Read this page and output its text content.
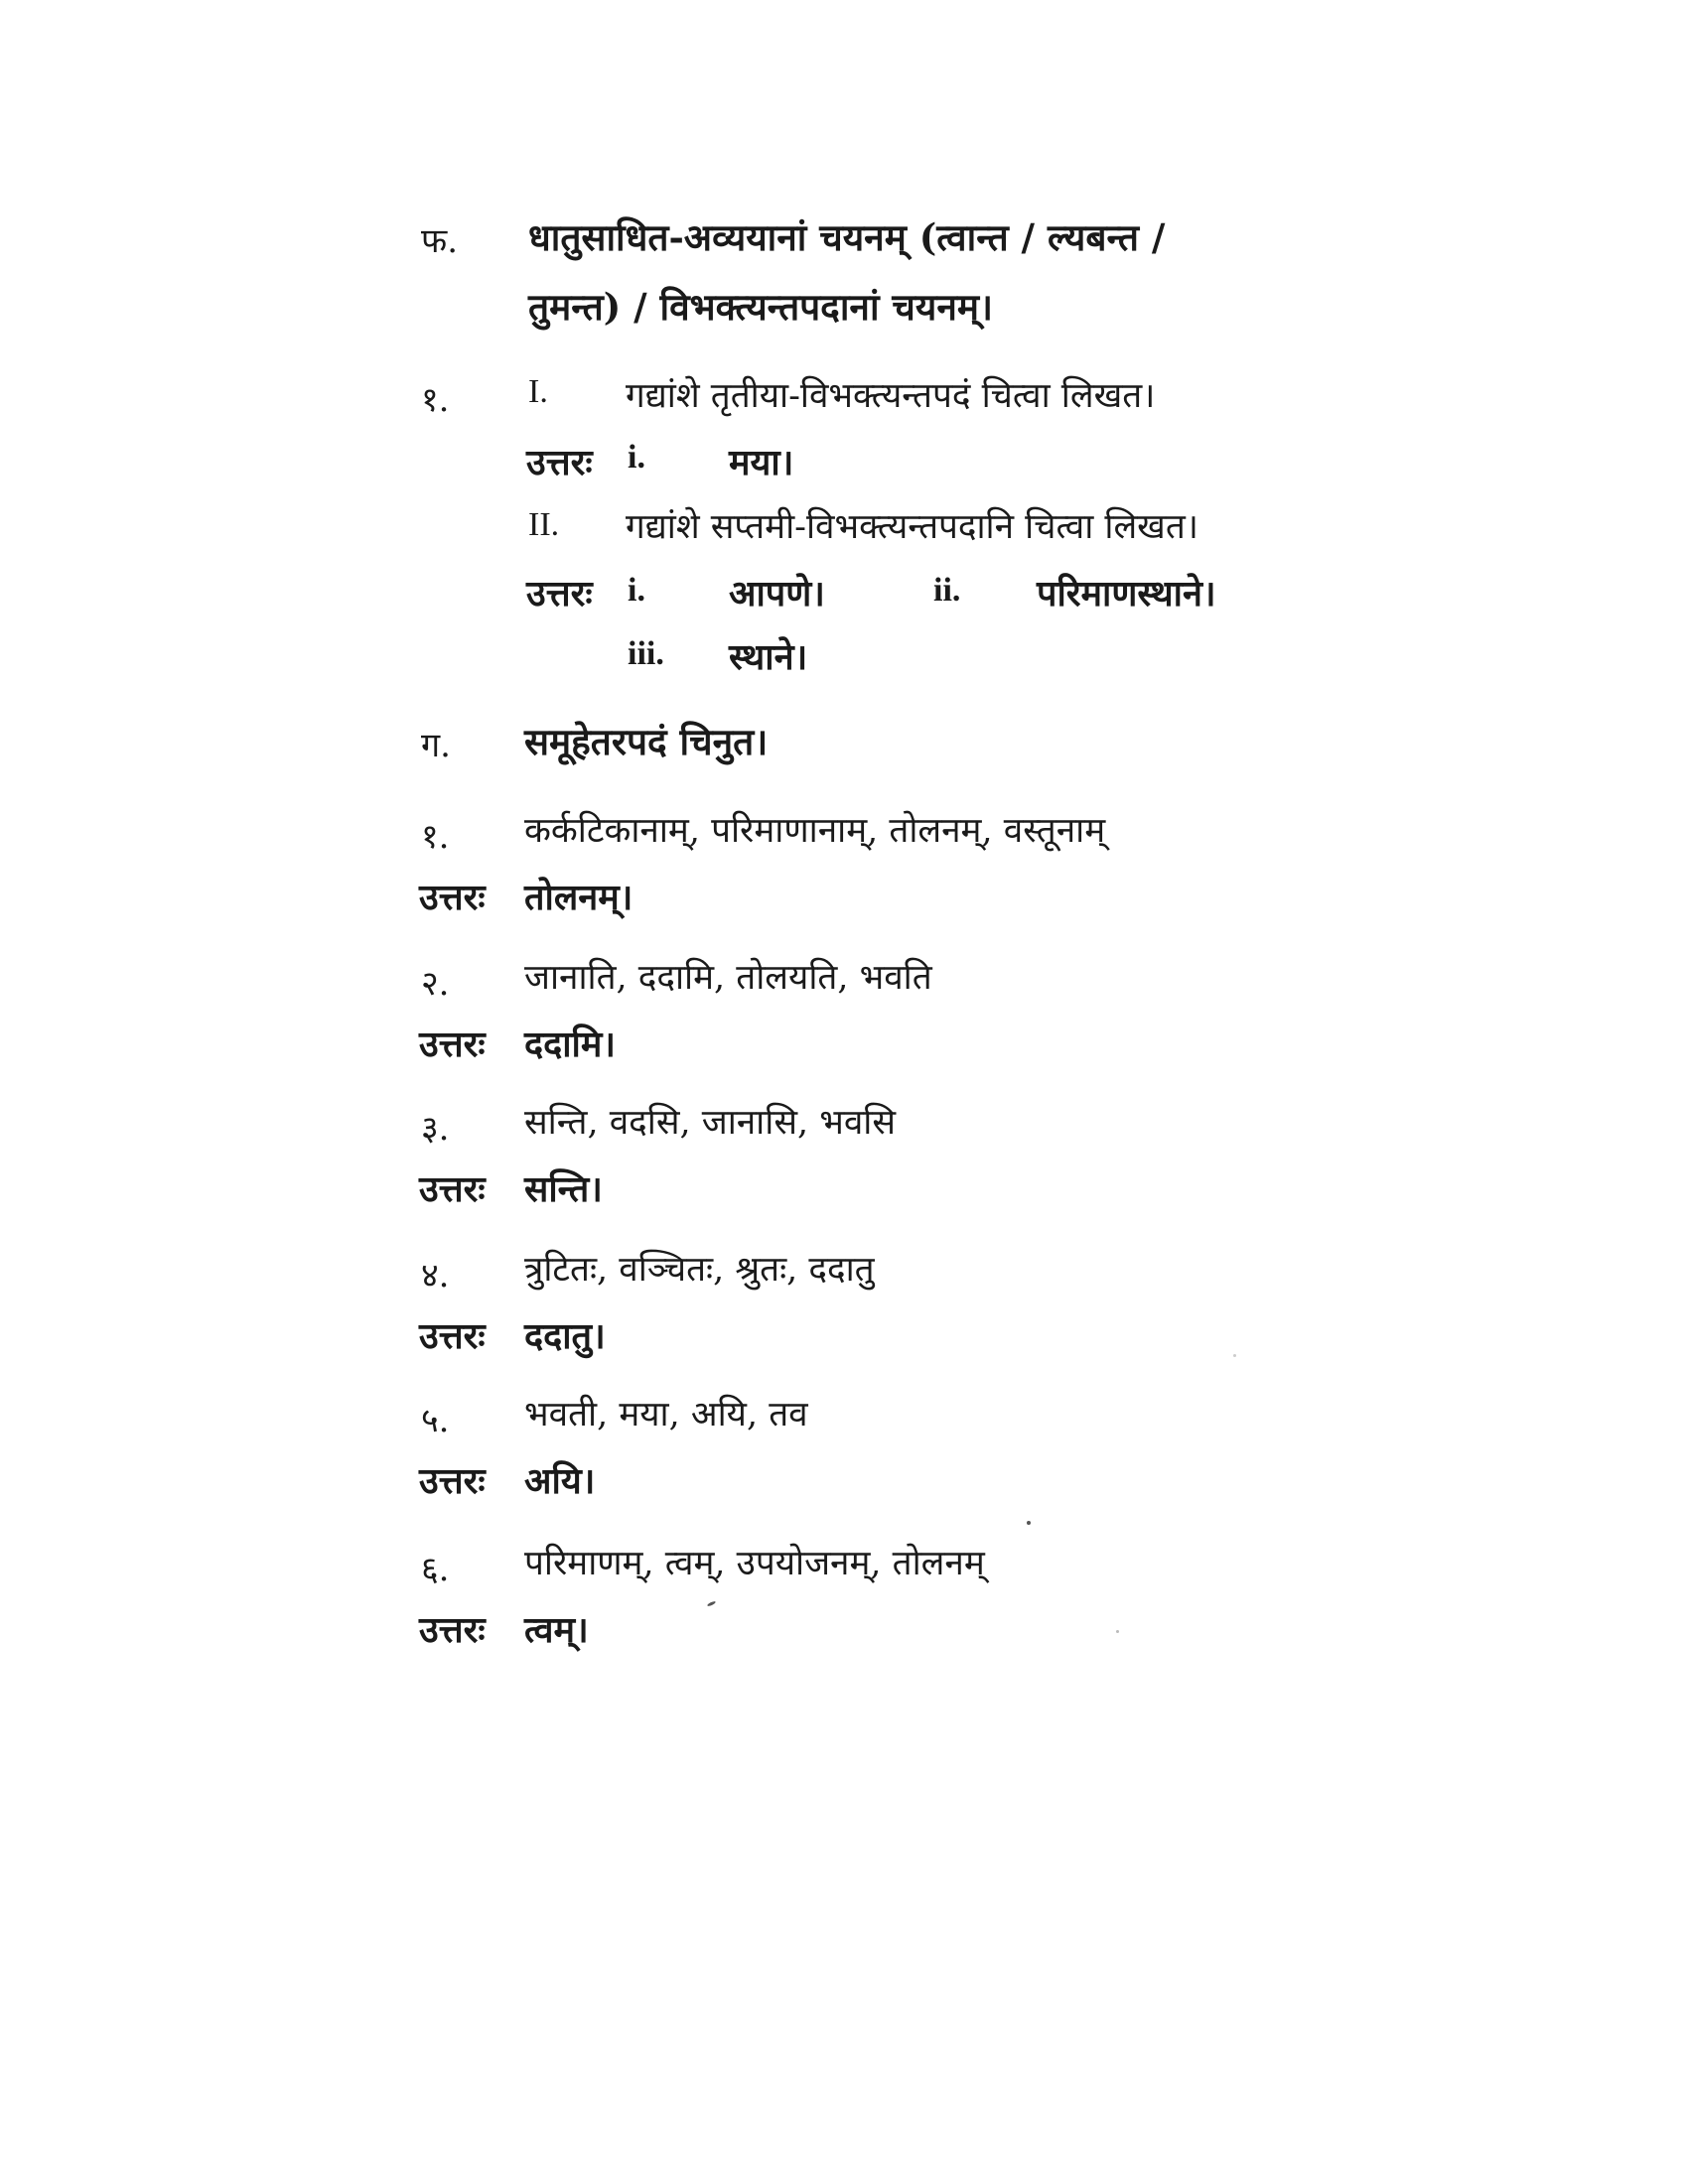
फ. धातुसाधित-अव्ययानां चयनम् (त्वान्त / ल्यबन्त /
तुमन्त) / विभक्त्यन्तपदानां चयनम्।
१. I. गद्यांशे तृतीया-विभक्त्यन्तपदं चित्वा लिखत।
उत्तरः i. मया।
II. गद्यांशे सप्तमी-विभक्त्यन्तपदानि चित्वा लिखत।
उत्तरः i. आपणे।	ii. परिमाणस्थाने।
iii. स्थाने।
ग. समूहेतरपदं चिनुत।
१. कर्कटिकानाम्, परिमाणानाम्, तोलनम्, वस्तूनाम्
उत्तरः तोलनम्।
२. जानाति, ददामि, तोलयति, भवति
उत्तरः ददामि।
३. सन्ति, वदसि, जानासि, भवसि
उत्तरः सन्ति।
४. त्रुटितः, वञ्चितः, श्रुतः, ददातु
उत्तरः ददातु।
५. भवती, मया, अयि, तव
उत्तरः अयि।
६. परिमाणम्, त्वम्, उपयोजनम्, तोलनम्
उत्तरः त्वम्।
